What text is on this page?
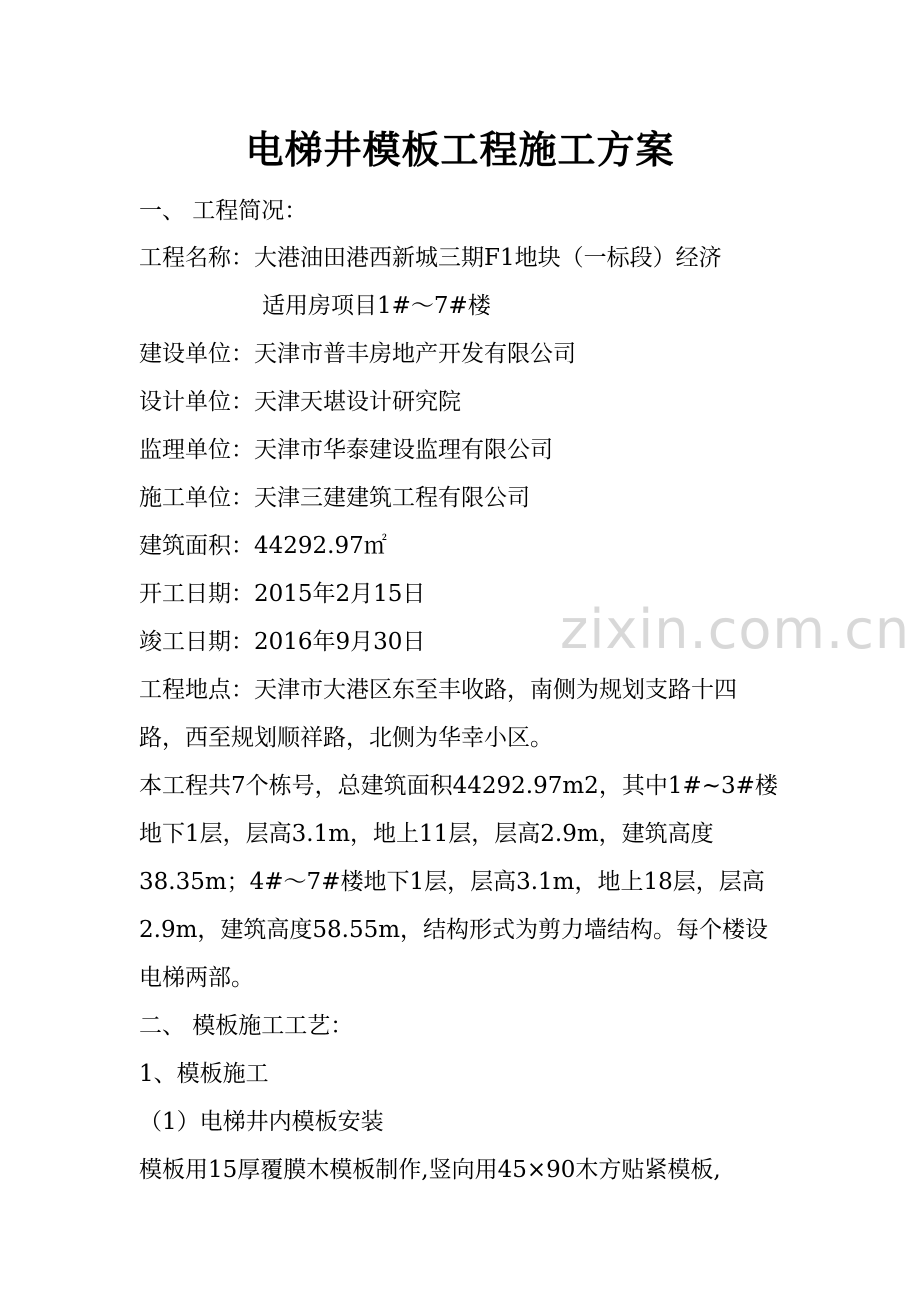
电梯井模板工程施工方案
一、 工程简况：
工程名称：大港油田港西新城三期F1地块（一标段）经济
适用房项目1#～7#楼
建设单位：天津市普丰房地产开发有限公司
设计单位：天津天堪设计研究院
监理单位：天津市华泰建设监理有限公司
施工单位：天津三建建筑工程有限公司
建筑面积：44292.97㎡
开工日期：2015年2月15日
竣工日期：2016年9月30日
工程地点：天津市大港区东至丰收路，南侧为规划支路十四
路，西至规划顺祥路，北侧为华幸小区。
本工程共7个栋号，总建筑面积44292.97m2，其中1#~3#楼
地下1层，层高3.1m，地上11层，层高2.9m，建筑高度
38.35m；4#～7#楼地下1层，层高3.1m，地上18层，层高
2.9m，建筑高度58.55m，结构形式为剪力墙结构。每个楼设
电梯两部。
二、 模板施工工艺：
1、模板施工
（1）电梯井内模板安装
模板用15厚覆膜木模板制作,竖向用45×90木方贴紧模板,
zixin.com.cn
